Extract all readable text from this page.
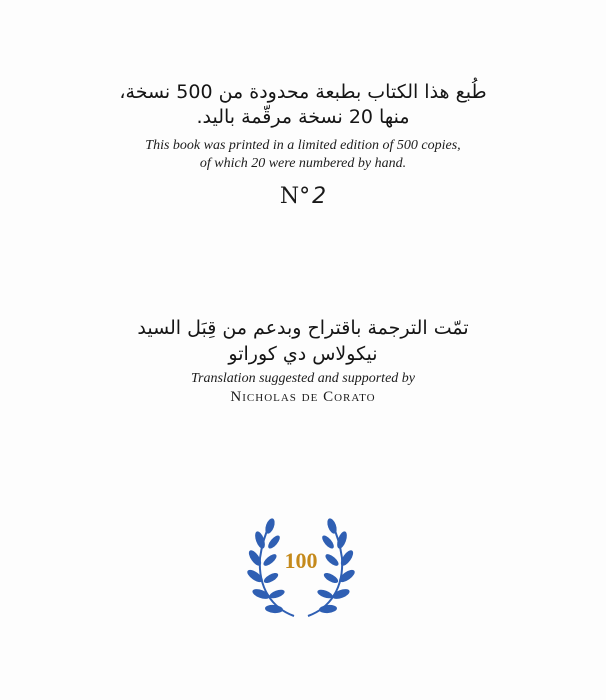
طُبع هذا الكتاب بطبعة محدودة من 500 نسخة،
منها 20 نسخة مرقّمة باليد.
This book was printed in a limited edition of 500 copies,
of which 20 were numbered by hand.
N°2
تمّت الترجمة باقتراح وبدعم من قِبَل السيد
نيكولاس دي كوراتو
Translation suggested and supported by
Nicholas de Corato
100
